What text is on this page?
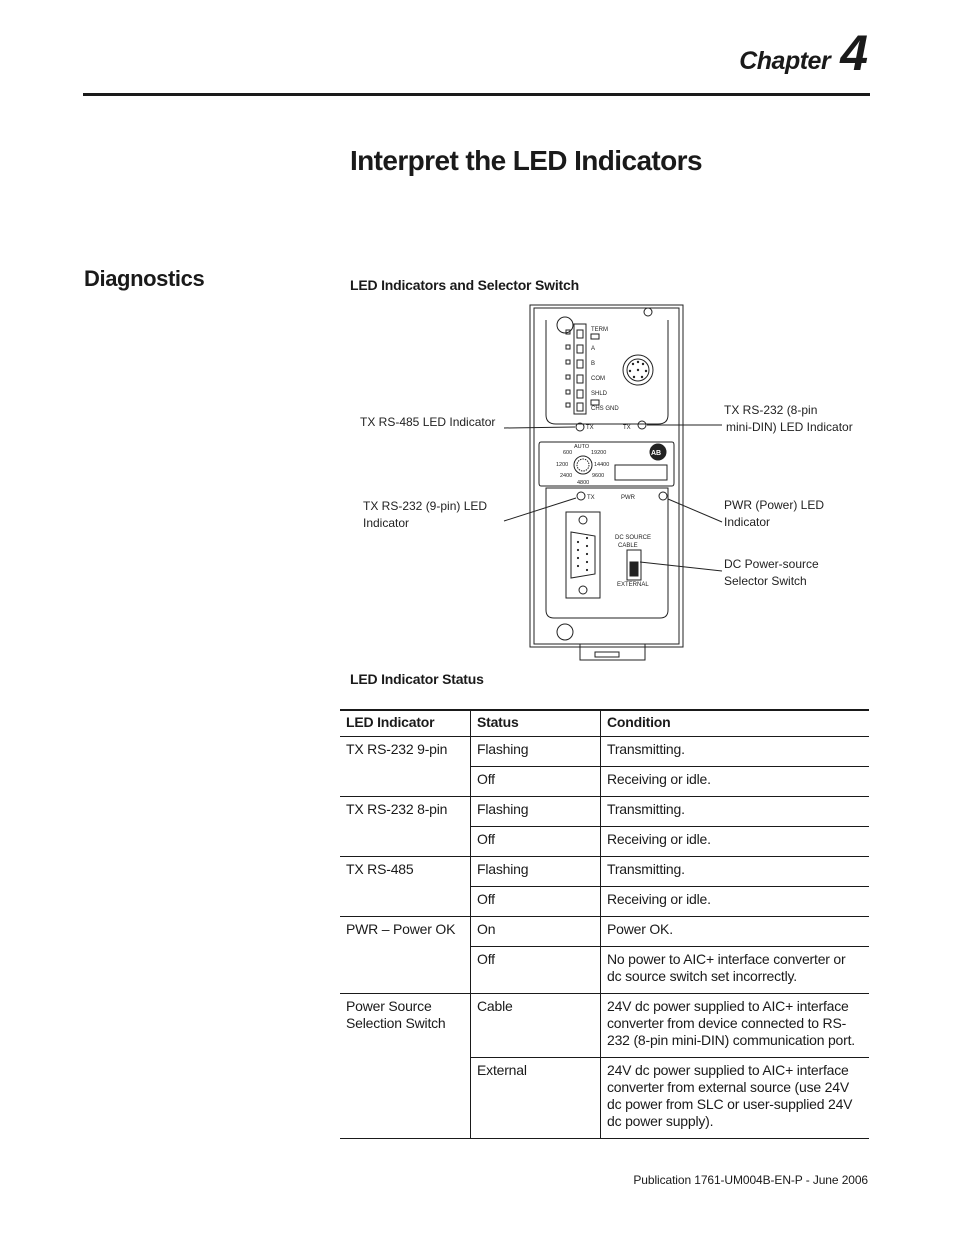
Chapter 4
Interpret the LED Indicators
Diagnostics	LED Indicators and Selector Switch
TERM
A
B
COM
SHLD
CHS GND
TX	TX
AUTO
600	19200
1200	14400
2400	9600
4800
AB
TX	PWR
DC SOURCE
CABLE
EXTERNAL
TX RS-485 LED Indicator
TX RS-232 (8-pin
mini-DIN) LED Indicator
TX RS-232 (9-pin) LED
Indicator
PWR (Power) LED
Indicator
DC Power-source
Selector Switch
LED Indicator Status
LED Indicator	Status	Condition
TX RS-232 9-pin	Flashing	Transmitting.
	Off	Receiving or idle.
TX RS-232 8-pin	Flashing	Transmitting.
	Off	Receiving or idle.
TX RS-485	Flashing	Transmitting.
	Off	Receiving or idle.
PWR – Power OK	On	Power OK.
	Off	No power to AIC+ interface converter or dc source switch set incorrectly.
Power Source Selection Switch	Cable	24V dc power supplied to AIC+ interface converter from device connected to RS-232 (8-pin mini-DIN) communication port.
	External	24V dc power supplied to AIC+ interface converter from external source (use 24V dc power from SLC or user-supplied 24V dc power supply).
Publication 1761-UM004B-EN-P - June 2006
